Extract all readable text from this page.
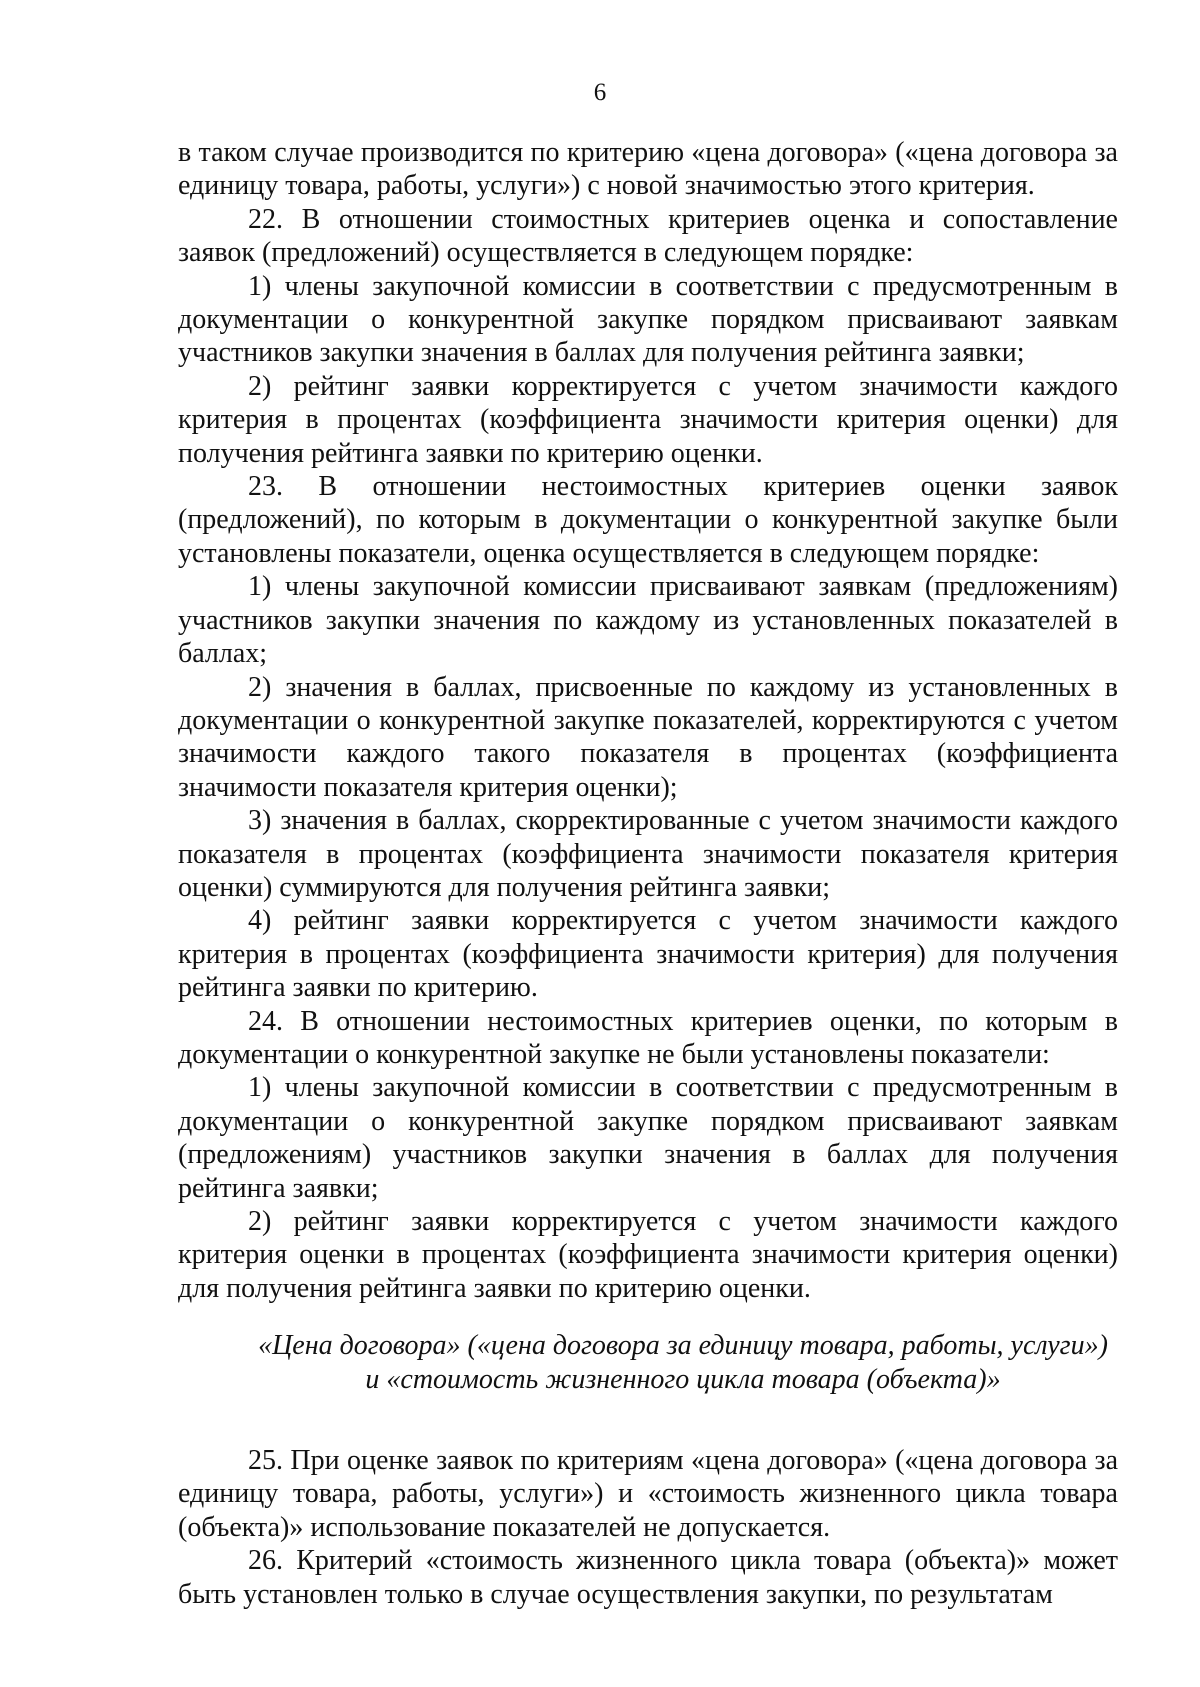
6

в таком случае производится по критерию «цена договора» («цена договора за единицу товара, работы, услуги») с новой значимостью этого критерия.

22. В отношении стоимостных критериев оценка и сопоставление заявок (предложений) осуществляется в следующем порядке:

1) члены закупочной комиссии в соответствии с предусмотренным в документации о конкурентной закупке порядком присваивают заявкам участников закупки значения в баллах для получения рейтинга заявки;

2) рейтинг заявки корректируется с учетом значимости каждого критерия в процентах (коэффициента значимости критерия оценки) для получения рейтинга заявки по критерию оценки.

23. В отношении нестоимостных критериев оценки заявок (предложений), по которым в документации о конкурентной закупке были установлены показатели, оценка осуществляется в следующем порядке:

1) члены закупочной комиссии присваивают заявкам (предложениям) участников закупки значения по каждому из установленных показателей в баллах;

2) значения в баллах, присвоенные по каждому из установленных в документации о конкурентной закупке показателей, корректируются с учетом значимости каждого такого показателя в процентах (коэффициента значимости показателя критерия оценки);

3) значения в баллах, скорректированные с учетом значимости каждого показателя в процентах (коэффициента значимости показателя критерия оценки) суммируются для получения рейтинга заявки;

4) рейтинг заявки корректируется с учетом значимости каждого критерия в процентах (коэффициента значимости критерия) для получения рейтинга заявки по критерию.

24. В отношении нестоимостных критериев оценки, по которым в документации о конкурентной закупке не были установлены показатели:

1) члены закупочной комиссии в соответствии с предусмотренным в документации о конкурентной закупке порядком присваивают заявкам (предложениям) участников закупки значения в баллах для получения рейтинга заявки;

2) рейтинг заявки корректируется с учетом значимости каждого критерия оценки в процентах (коэффициента значимости критерия оценки) для получения рейтинга заявки по критерию оценки.

«Цена договора» («цена договора за единицу товара, работы, услуги»)
и «стоимость жизненного цикла товара (объекта)»

25. При оценке заявок по критериям «цена договора» («цена договора за единицу товара, работы, услуги») и «стоимость жизненного цикла товара (объекта)» использование показателей не допускается.

26. Критерий «стоимость жизненного цикла товара (объекта)» может быть установлен только в случае осуществления закупки, по результатам
